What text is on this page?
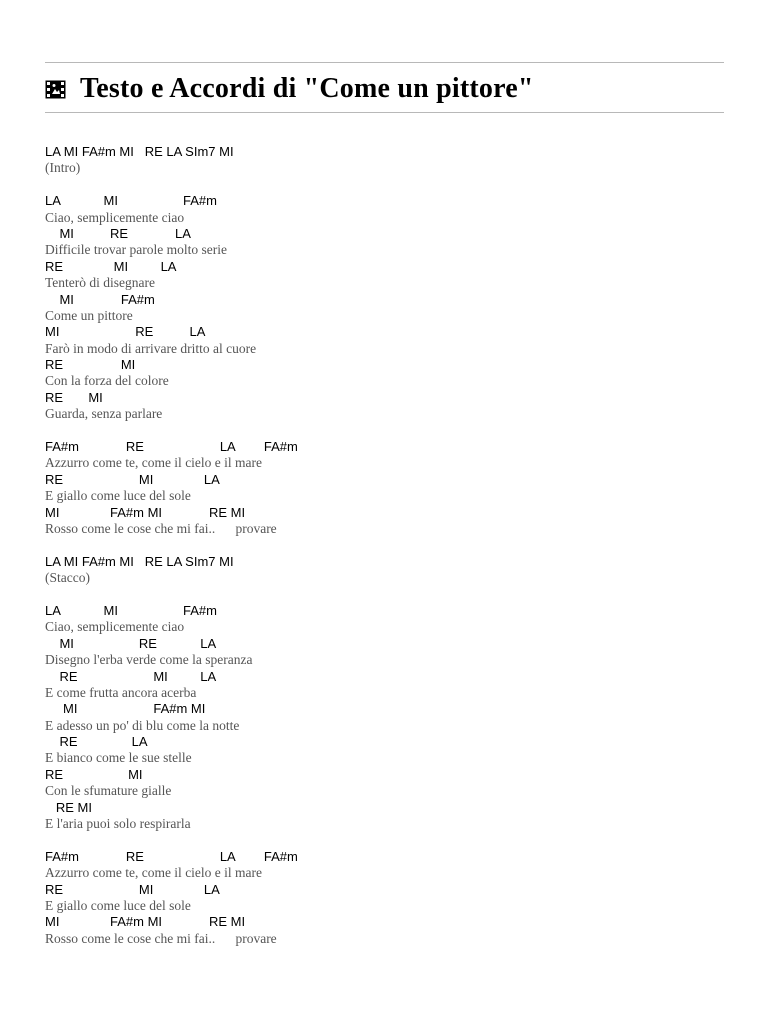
Testo e Accordi di "Come un pittore"
LA MI FA#m MI   RE LA SIm7 MI
(Intro)
LA            MI                  FA#m
Ciao, semplicemente ciao
MI          RE             LA
Difficile trovar parole molto serie
RE              MI         LA
Tenterò di disegnare
MI             FA#m
Come un pittore
MI                     RE          LA
Farò in modo di arrivare dritto al cuore
RE                MI
Con la forza del colore
RE       MI
Guarda, senza parlare
FA#m             RE                     LA        FA#m
Azzurro come te, come il cielo e il mare
RE                     MI              LA
E giallo come luce del sole
MI              FA#m MI             RE MI
Rosso come le cose che mi fai..      provare
LA MI FA#m MI   RE LA SIm7 MI
(Stacco)
LA            MI                  FA#m
Ciao, semplicemente ciao
MI                  RE            LA
Disegno l'erba verde come la speranza
RE                     MI         LA
E come frutta ancora acerba
MI                     FA#m MI
E adesso un po' di blu come la notte
RE               LA
E bianco come le sue stelle
RE                  MI
Con le sfumature gialle
RE MI
E l'aria puoi solo respirarla
FA#m             RE                     LA        FA#m
Azzurro come te, come il cielo e il mare
RE                     MI              LA
E giallo come luce del sole
MI              FA#m MI             RE MI
Rosso come le cose che mi fai..      provare
